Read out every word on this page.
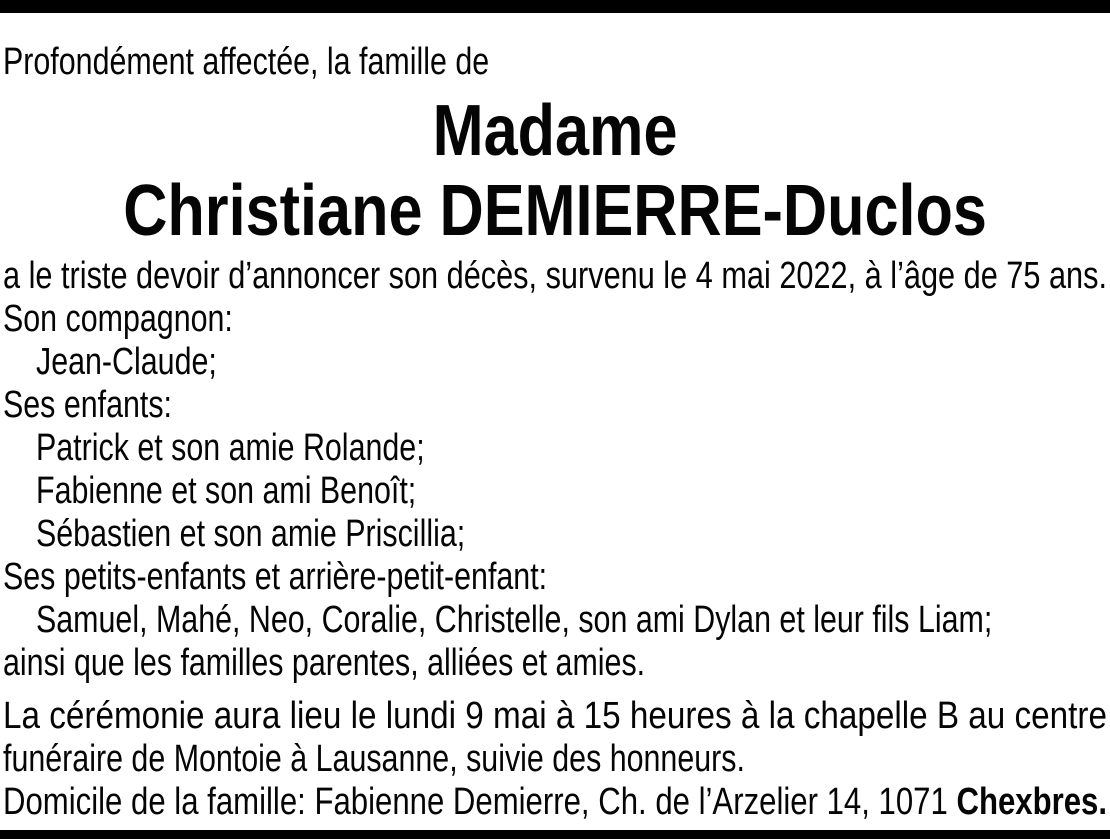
Profondément affectée, la famille de
Madame
Christiane DEMIERRE-Duclos
a le triste devoir d’annoncer son décès, survenu le 4 mai 2022, à l’âge de 75 ans.
Son compagnon:
Jean-Claude;
Ses enfants:
Patrick et son amie Rolande;
Fabienne et son ami Benoît;
Sébastien et son amie Priscillia;
Ses petits-enfants et arrière-petit-enfant:
Samuel, Mahé, Neo, Coralie, Christelle, son ami Dylan et leur fils Liam;
ainsi que les familles parentes, alliées et amies.
La cérémonie aura lieu le lundi 9 mai à 15 heures à la chapelle B au centre
funéraire de Montoie à Lausanne, suivie des honneurs.
Domicile de la famille: Fabienne Demierre, Ch. de l’Arzelier 14, 1071 Chexbres.
